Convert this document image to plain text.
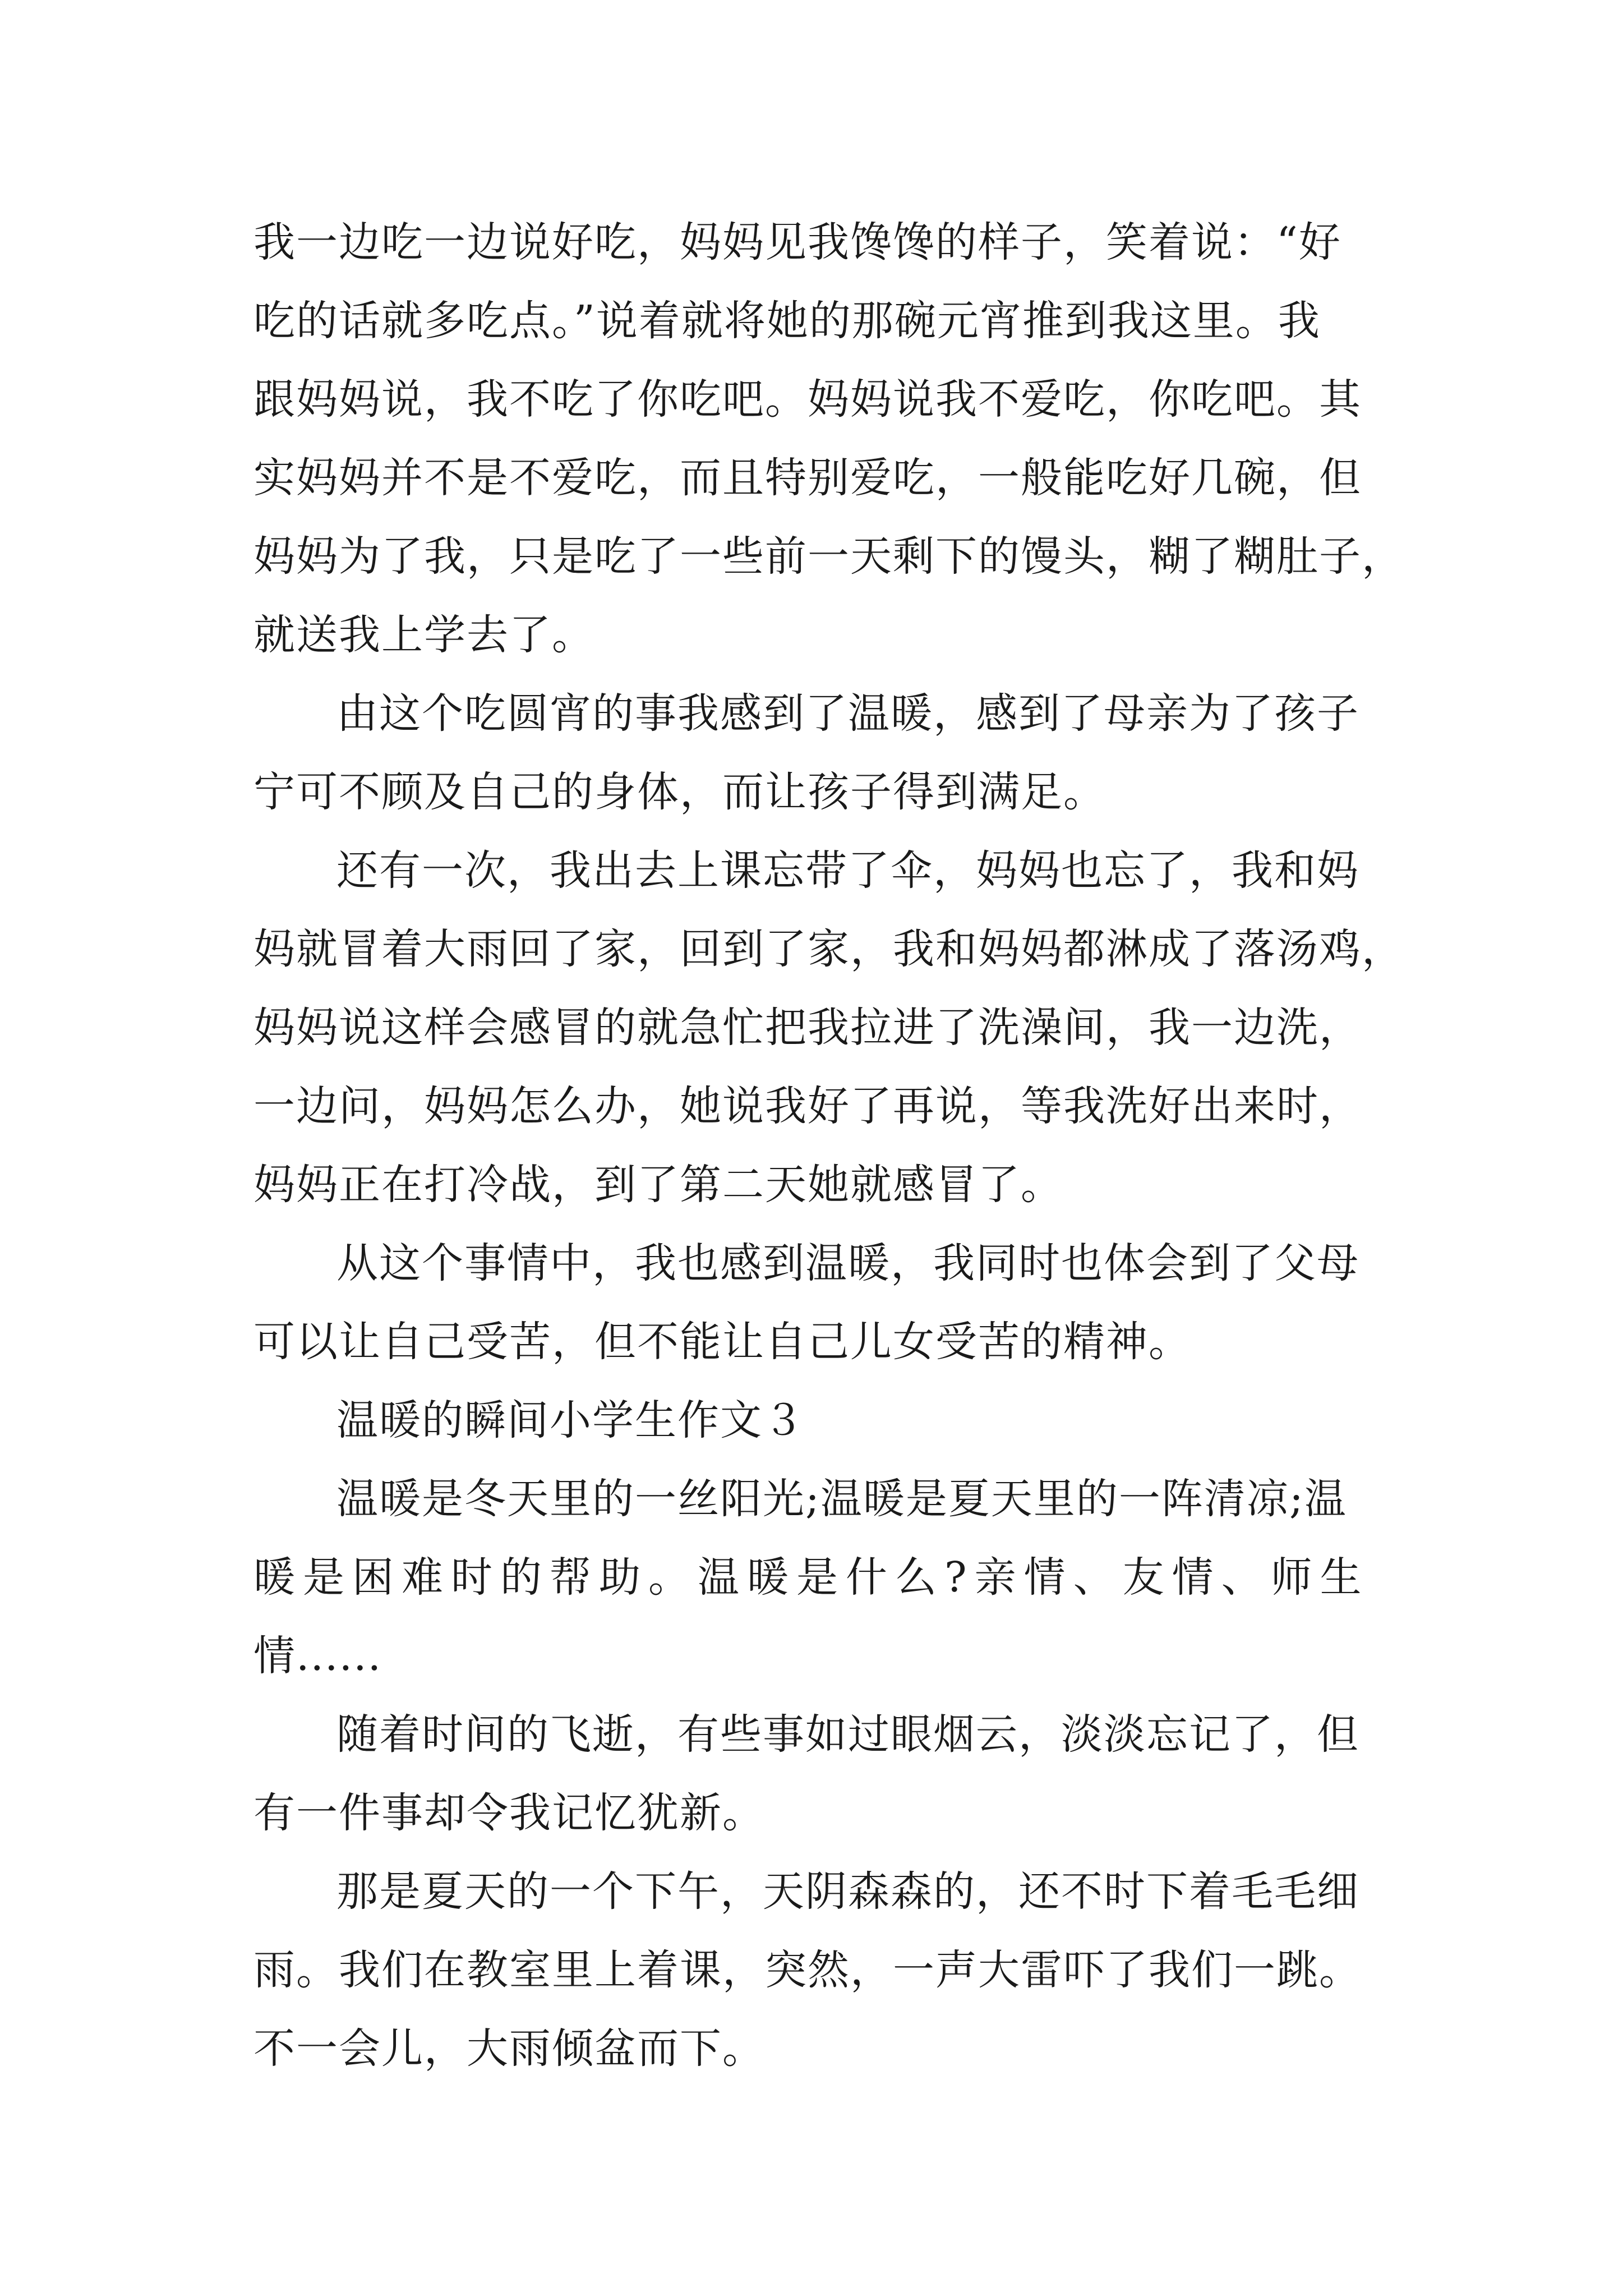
我一边吃一边说好吃，妈妈见我馋馋的样子，笑着说：“好
吃的话就多吃点。”说着就将她的那碗元宵推到我这里。我
跟妈妈说，我不吃了你吃吧。妈妈说我不爱吃，你吃吧。其
实妈妈并不是不爱吃，而且特别爱吃，一般能吃好几碗，但
妈妈为了我，只是吃了一些前一天剩下的馒头，糊了糊肚子，
就送我上学去了。
由这个吃圆宵的事我感到了温暖，感到了母亲为了孩子
宁可不顾及自己的身体，而让孩子得到满足。
还有一次，我出去上课忘带了伞，妈妈也忘了，我和妈
妈就冒着大雨回了家，回到了家，我和妈妈都淋成了落汤鸡，
妈妈说这样会感冒的就急忙把我拉进了洗澡间，我一边洗，
一边问，妈妈怎么办，她说我好了再说，等我洗好出来时，
妈妈正在打冷战，到了第二天她就感冒了。
从这个事情中，我也感到温暖，我同时也体会到了父母
可以让自己受苦，但不能让自己儿女受苦的精神。
温暖的瞬间小学生作文３
温暖是冬天里的一丝阳光;温暖是夏天里的一阵清凉;温
暖是困难时的帮助。温暖是什么?亲情、友情、师生
情......
随着时间的飞逝，有些事如过眼烟云，淡淡忘记了，但
有一件事却令我记忆犹新。
那是夏天的一个下午，天阴森森的，还不时下着毛毛细
雨。我们在教室里上着课，突然，一声大雷吓了我们一跳。
不一会儿，大雨倾盆而下。
